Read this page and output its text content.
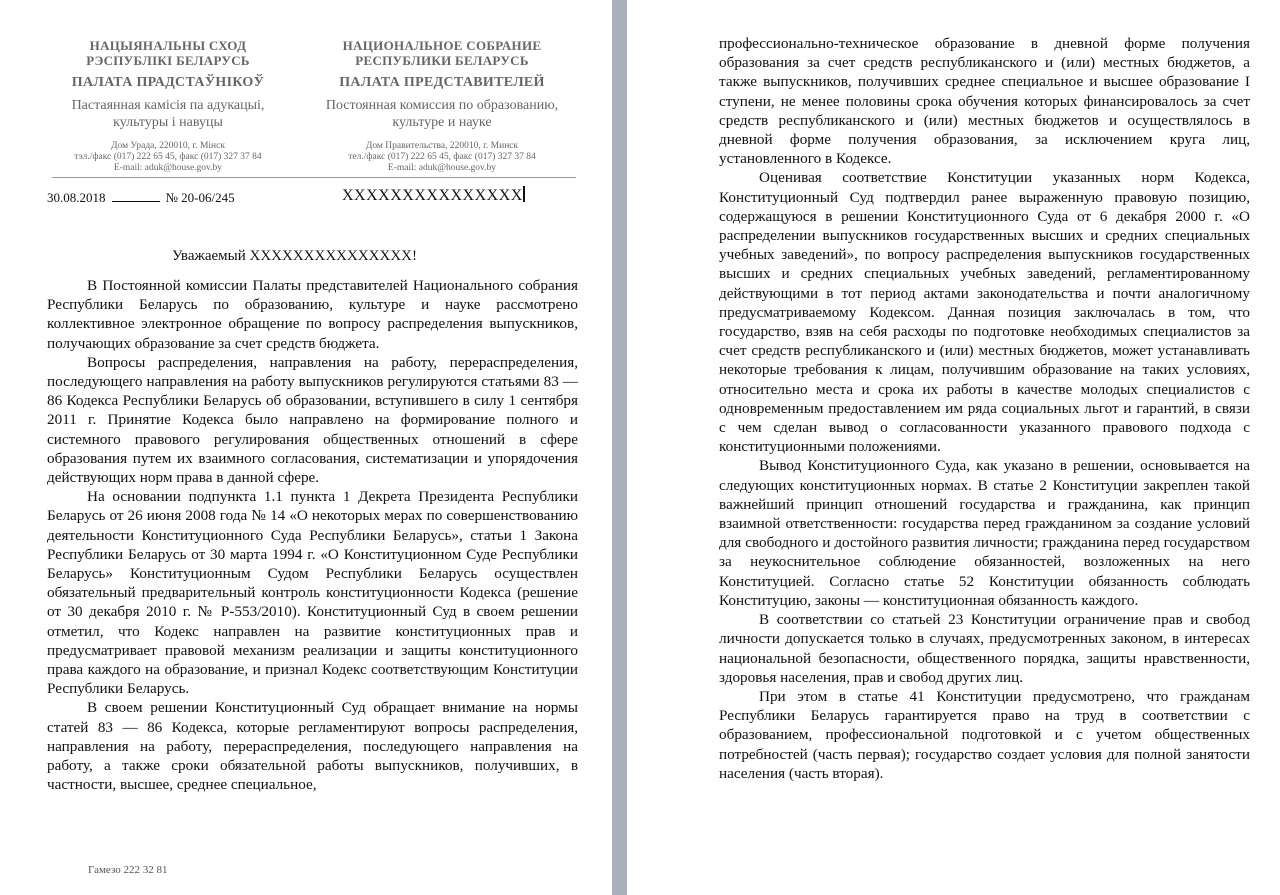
НАЦЫЯНАЛЬНЫ СХОД
РЭСПУБЛІКІ БЕЛАРУСЬ
ПАЛАТА ПРАДСТАЎНІКОЎ
Пастаянная камісія па адукацыі,
культуры і навуцы
Дом Урада, 220010, г. Мінск
тэл./факс (017) 222 65 45, факс (017) 327 37 84
E-mail: aduk@house.gov.by
НАЦИОНАЛЬНОЕ СОБРАНИЕ
РЕСПУБЛИКИ БЕЛАРУСЬ
ПАЛАТА ПРЕДСТАВИТЕЛЕЙ
Постоянная комиссия по образованию,
культуре и науке
Дом Правительства, 220010, г. Минск
тел./факс (017) 222 65 45, факс (017) 327 37 84
E-mail: aduk@house.gov.by
30.08.2018	№ 20-06/245	ХХХХХХХХХХХХХХХ
Уважаемый ХХХХХХХХХХХХХХХ!

В Постоянной комиссии Палаты представителей Национального собрания Республики Беларусь по образованию, культуре и науке рассмотрено коллективное электронное обращение по вопросу распределения выпускников, получающих образование за счет средств бюджета.

Вопросы распределения, направления на работу, перераспределения, последующего направления на работу выпускников регулируются статьями 83 — 86 Кодекса Республики Беларусь об образовании, вступившего в силу 1 сентября 2011 г. Принятие Кодекса было направлено на формирование полного и системного правового регулирования общественных отношений в сфере образования путем их взаимного согласования, систематизации и упорядочения действующих норм права в данной сфере.

На основании подпункта 1.1 пункта 1 Декрета Президента Республики Беларусь от 26 июня 2008 года № 14 «О некоторых мерах по совершенствованию деятельности Конституционного Суда Республики Беларусь», статьи 1 Закона Республики Беларусь от 30 марта 1994 г. «О Конституционном Суде Республики Беларусь» Конституционным Судом Республики Беларусь осуществлен обязательный предварительный контроль конституционности Кодекса (решение от 30 декабря 2010 г. № Р-553/2010). Конституционный Суд в своем решении отметил, что Кодекс направлен на развитие конституционных прав и предусматривает правовой механизм реализации и защиты конституционного права каждого на образование, и признал Кодекс соответствующим Конституции Республики Беларусь.

В своем решении Конституционный Суд обращает внимание на нормы статей 83 — 86 Кодекса, которые регламентируют вопросы распределения, направления на работу, перераспределения, последующего направления на работу, а также сроки обязательной работы выпускников, получивших, в частности, высшее, среднее специальное,

Гамезо 222 32 81

профессионально-техническое образование в дневной форме получения образования за счет средств республиканского и (или) местных бюджетов, а также выпускников, получивших среднее специальное и высшее образование I ступени, не менее половины срока обучения которых финансировалось за счет средств республиканского и (или) местных бюджетов и осуществлялось в дневной форме получения образования, за исключением круга лиц, установленного в Кодексе.

Оценивая соответствие Конституции указанных норм Кодекса, Конституционный Суд подтвердил ранее выраженную правовую позицию, содержащуюся в решении Конституционного Суда от 6 декабря 2000 г. «О распределении выпускников государственных высших и средних специальных учебных заведений», по вопросу распределения выпускников государственных высших и средних специальных учебных заведений, регламентированному действующими в тот период актами законодательства и почти аналогичному предусматриваемому Кодексом. Данная позиция заключалась в том, что государство, взяв на себя расходы по подготовке необходимых специалистов за счет средств республиканского и (или) местных бюджетов, может устанавливать некоторые требования к лицам, получившим образование на таких условиях, относительно места и срока их работы в качестве молодых специалистов с одновременным предоставлением им ряда социальных льгот и гарантий, в связи с чем сделан вывод о согласованности указанного правового подхода с конституционными положениями.

Вывод Конституционного Суда, как указано в решении, основывается на следующих конституционных нормах. В статье 2 Конституции закреплен такой важнейший принцип отношений государства и гражданина, как принцип взаимной ответственности: государства перед гражданином за создание условий для свободного и достойного развития личности; гражданина перед государством за неукоснительное соблюдение обязанностей, возложенных на него Конституцией. Согласно статье 52 Конституции обязанность соблюдать Конституцию, законы — конституционная обязанность каждого.

В соответствии со статьей 23 Конституции ограничение прав и свобод личности допускается только в случаях, предусмотренных законом, в интересах национальной безопасности, общественного порядка, защиты нравственности, здоровья населения, прав и свобод других лиц.

При этом в статье 41 Конституции предусмотрено, что гражданам Республики Беларусь гарантируется право на труд в соответствии с образованием, профессиональной подготовкой и с учетом общественных потребностей (часть первая); государство создает условия для полной занятости населения (часть вторая).
